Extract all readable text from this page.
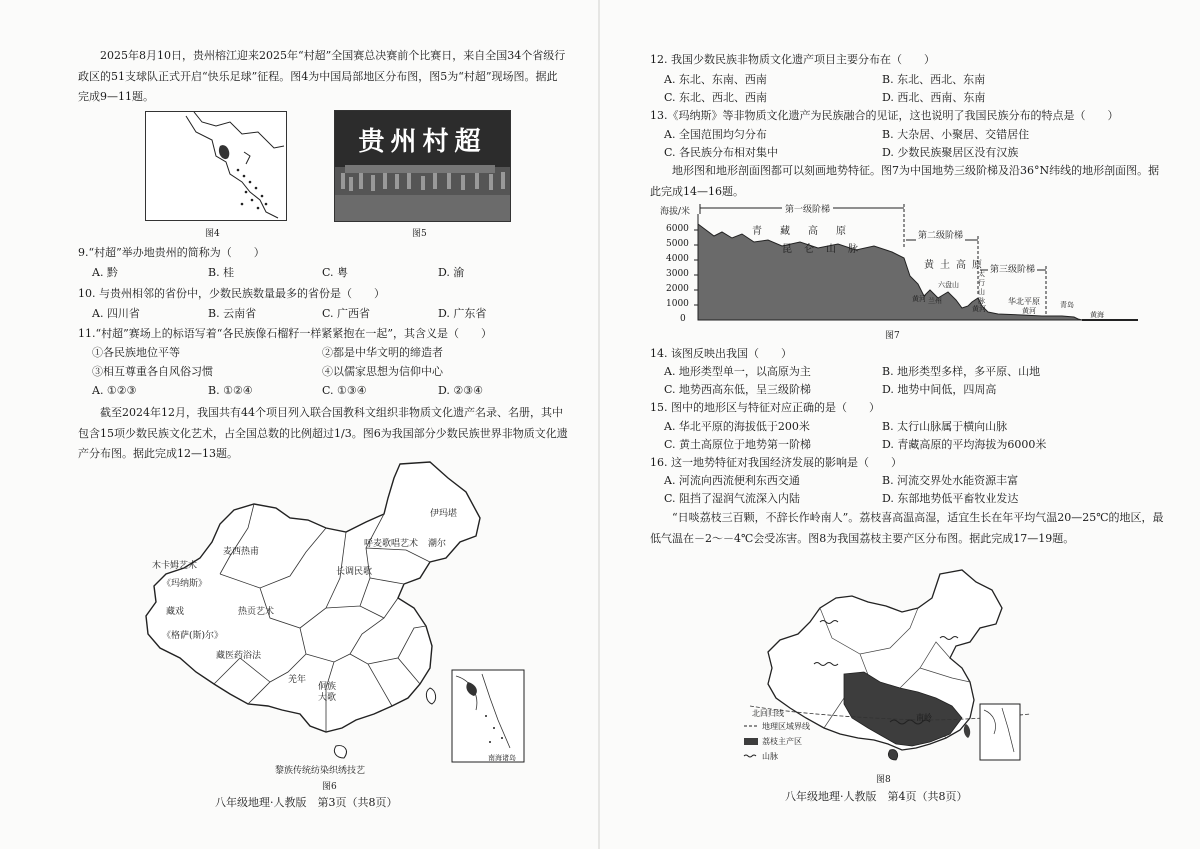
2025年8月10日，贵州榕江迎来2025年“村超”全国赛总决赛前个比赛日，来自全国34个省级行政区的51支球队正式开启“快乐足球”征程。图4为中国局部地区分布图，图5为“村超”现场图。据此完成9—11题。

图4
贵州村超
图5

9.“村超”举办地贵州的简称为（　　）

A. 黔	B. 桂	C. 粤	D. 渝

10. 与贵州相邻的省份中，少数民族数量最多的省份是（　　）

A. 四川省	B. 云南省	C. 广西省	D. 广东省

11.“村超”赛场上的标语写着“各民族像石榴籽一样紧紧抱在一起”，其含义是（　　）

①各民族地位平等	②都是中华文明的缔造者

③相互尊重各自风俗习惯	④以儒家思想为信仰中心

A. ①②③	B. ①②④	C. ①③④	D. ②③④

截至2024年12月，我国共有44个项目列入联合国教科文组织非物质文化遗产名录、名册，其中包含15项少数民族文化艺术，占全国总数的比例超过1/3。图6为我国部分少数民族世界非物质文化遗产分布图。据此完成12—13题。

伊玛堪
呼麦歌唱艺术 潮尔
长调民歌
麦西热甫
木卡姆艺术
《玛纳斯》
藏戏
《格萨(斯)尔》
热贡艺术
藏医药浴法
羌年
侗族大歌
南海诸岛
黎族传统纺染织绣技艺
图6

八年级地理·人教版　第3页（共8页）

12. 我国少数民族非物质文化遗产项目主要分布在（　　）

A. 东北、东南、西南	B. 东北、西北、东南

C. 东北、西北、西南	D. 西北、西南、东南

13.《玛纳斯》等非物质文化遗产为民族融合的见证，这也说明了我国民族分布的特点是（　　）

A. 全国范围均匀分布	B. 大杂居、小聚居、交错居住

C. 各民族分布相对集中	D. 少数民族聚居区没有汉族

地形图和地形剖面图都可以刻画地势特征。图7为中国地势三级阶梯及沿36°N纬线的地形剖面图。据此完成14—16题。

海拔/米
6000
5000
4000
3000
2000
1000
0
第一级阶梯
第二级阶梯
第三级阶梯
青藏高原
昆仑山脉
黄土高原
太行山脉	华北平原
六盘山
黄河 兰州
黄河	黄河
青岛
黄海
图7

14. 该图反映出我国（　　）

A. 地形类型单一，以高原为主	B. 地形类型多样，多平原、山地

C. 地势西高东低，呈三级阶梯	D. 地势中间低，四周高

15. 图中的地形区与特征对应正确的是（　　）

A. 华北平原的海拔低于200米	B. 太行山脉属于横向山脉

C. 黄土高原位于地势第一阶梯	D. 青藏高原的平均海拔为6000米

16. 这一地势特征对我国经济发展的影响是（　　）

A. 河流向西流便利东西交通	B. 河流交界处水能资源丰富

C. 阻挡了湿润气流深入内陆	D. 东部地势低平畜牧业发达

“日啖荔枝三百颗，不辞长作岭南人”。荔枝喜高温高湿，适宜生长在年平均气温20—25℃的地区，最低气温在－2～－4℃会受冻害。图8为我国荔枝主要产区分布图。据此完成17—19题。

北回归线	南岭
地理区域界线
荔枝主产区
山脉
图8

八年级地理·人教版　第4页（共8页）
